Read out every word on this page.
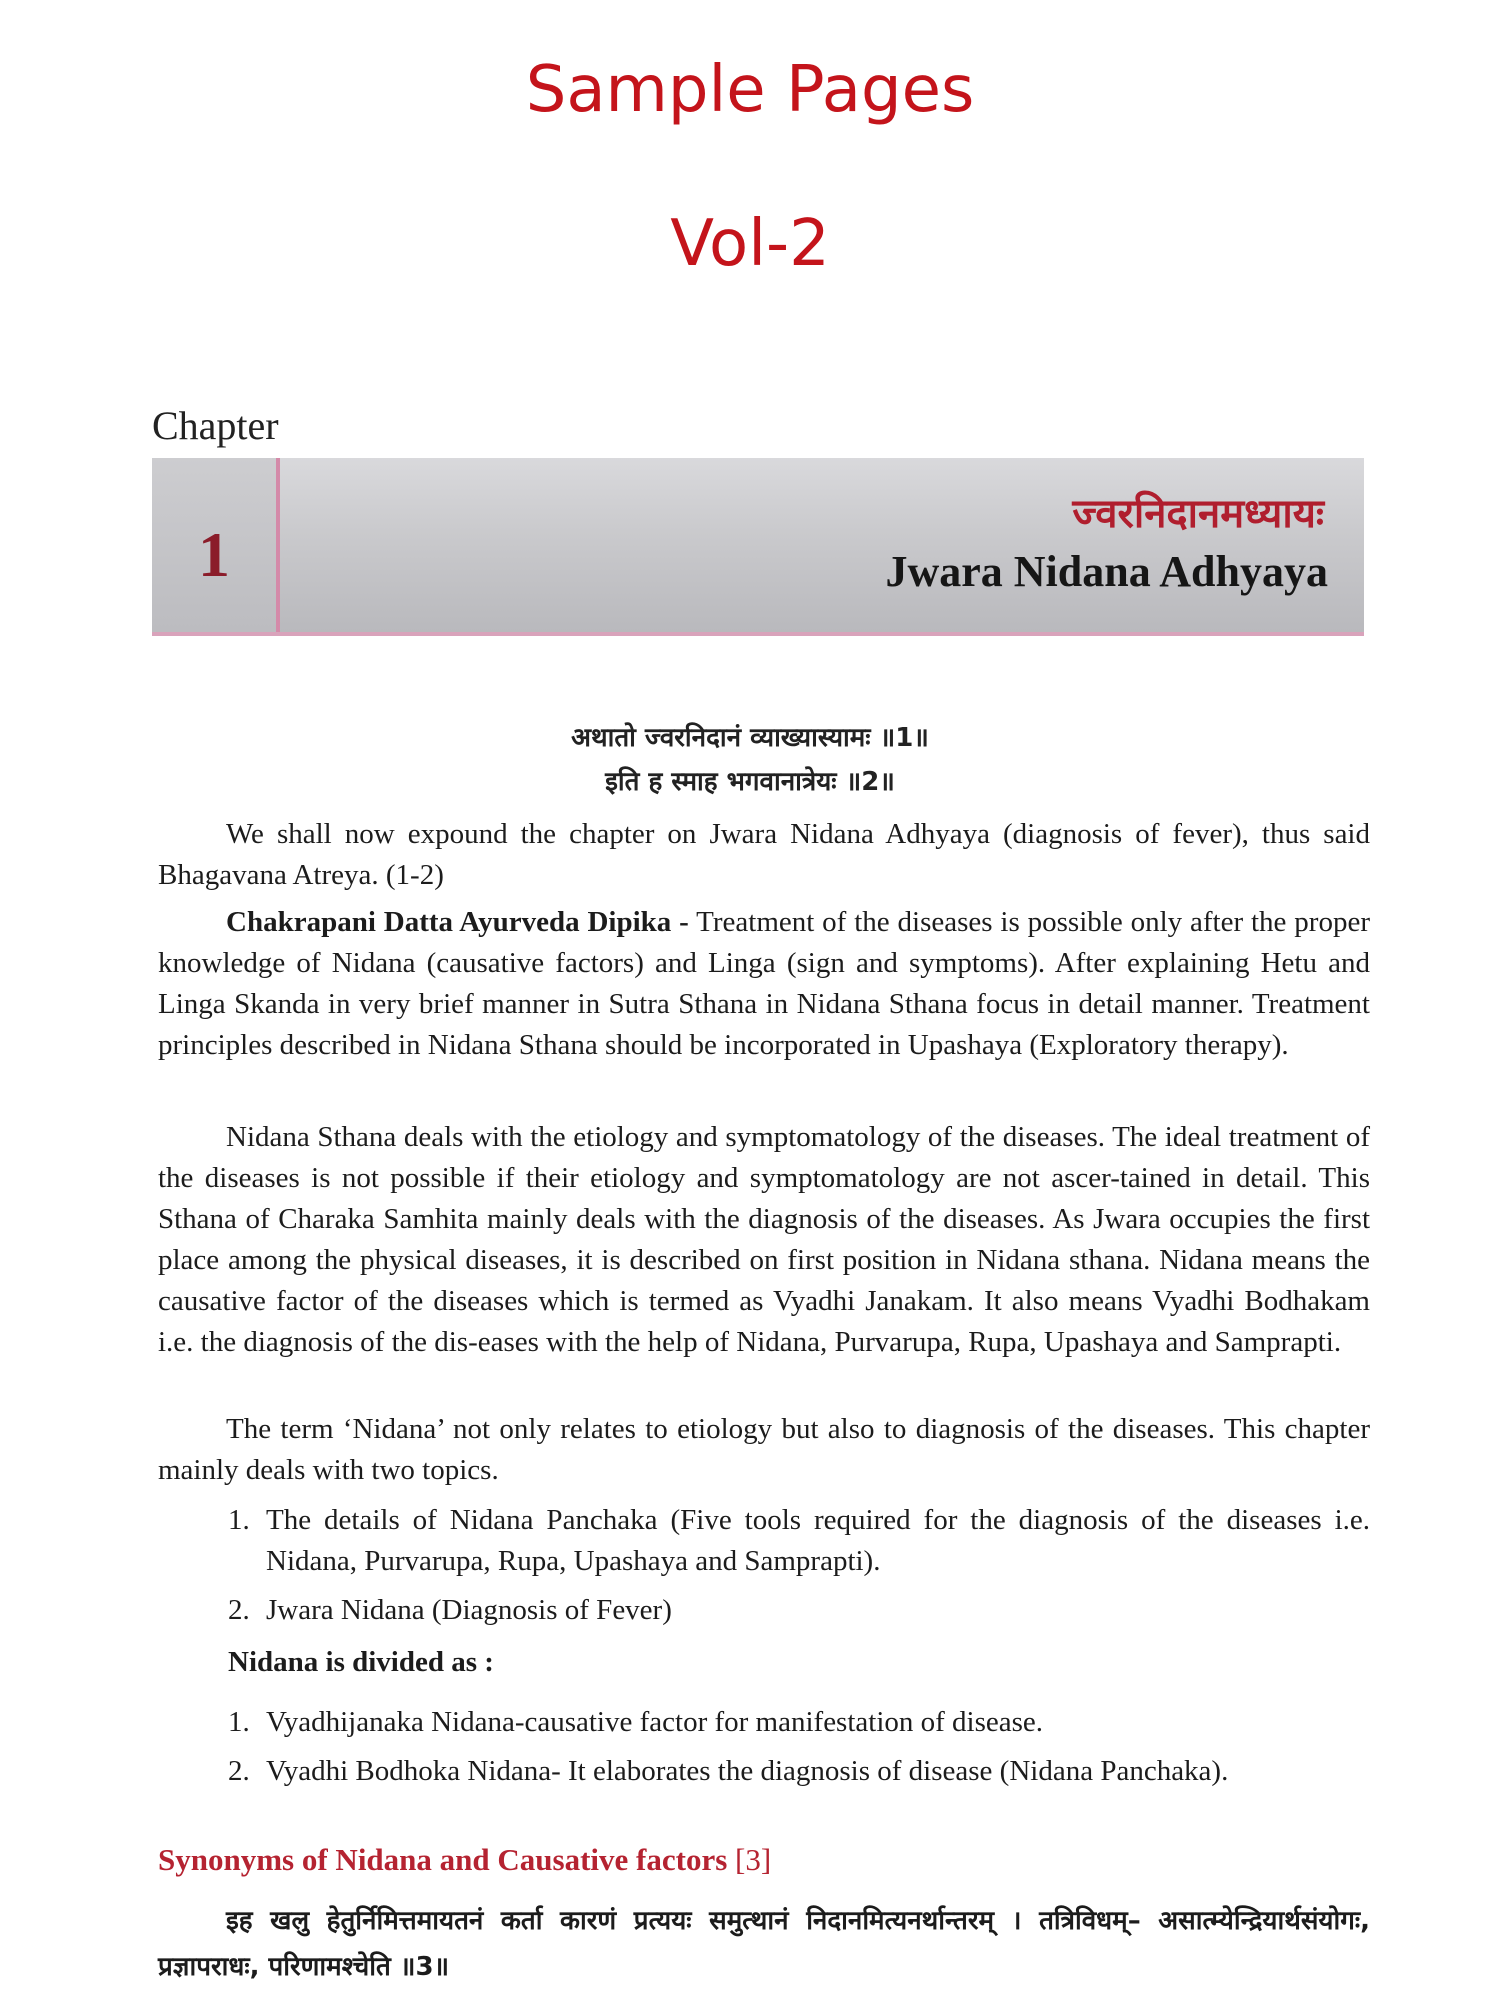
Sample Pages
Vol-2
Chapter
1
ज्वरनिदानमध्यायः
Jwara Nidana Adhyaya
अथातो ज्वरनिदानं व्याख्यास्यामः ॥1॥
इति ह स्माह भगवानात्रेयः ॥2॥

We shall now expound the chapter on Jwara Nidana Adhyaya (diagnosis of fever), thus said Bhagavana Atreya. (1-2)

Chakrapani Datta Ayurveda Dipika - Treatment of the diseases is possible only after the proper knowledge of Nidana (causative factors) and Linga (sign and symptoms). After explaining Hetu and Linga Skanda in very brief manner in Sutra Sthana in Nidana Sthana focus in detail manner. Treatment principles described in Nidana Sthana should be incorporated in Upashaya (Exploratory therapy).

Nidana Sthana deals with the etiology and symptomatology of the diseases. The ideal treatment of the diseases is not possible if their etiology and symptomatology are not ascer-tained in detail. This Sthana of Charaka Samhita mainly deals with the diagnosis of the diseases. As Jwara occupies the first place among the physical diseases, it is described on first position in Nidana sthana. Nidana means the causative factor of the diseases which is termed as Vyadhi Janakam. It also means Vyadhi Bodhakam i.e. the diagnosis of the dis-eases with the help of Nidana, Purvarupa, Rupa, Upashaya and Samprapti.

The term ‘Nidana’ not only relates to etiology but also to diagnosis of the diseases. This chapter mainly deals with two topics.

1. The details of Nidana Panchaka (Five tools required for the diagnosis of the diseases i.e. Nidana, Purvarupa, Rupa, Upashaya and Samprapti).
2. Jwara Nidana (Diagnosis of Fever)
Nidana is divided as :
1. Vyadhijanaka Nidana-causative factor for manifestation of disease.
2. Vyadhi Bodhoka Nidana- It elaborates the diagnosis of disease (Nidana Panchaka).
Synonyms of Nidana and Causative factors [3]

इह खलु हेतुर्निमित्तमायतनं कर्ता कारणं प्रत्ययः समुत्थानं निदानमित्यनर्थान्तरम् । तत्रिविधम्– असात्म्येन्द्रियार्थसंयोगः, प्रज्ञापराधः, परिणामश्चेति ॥3॥
